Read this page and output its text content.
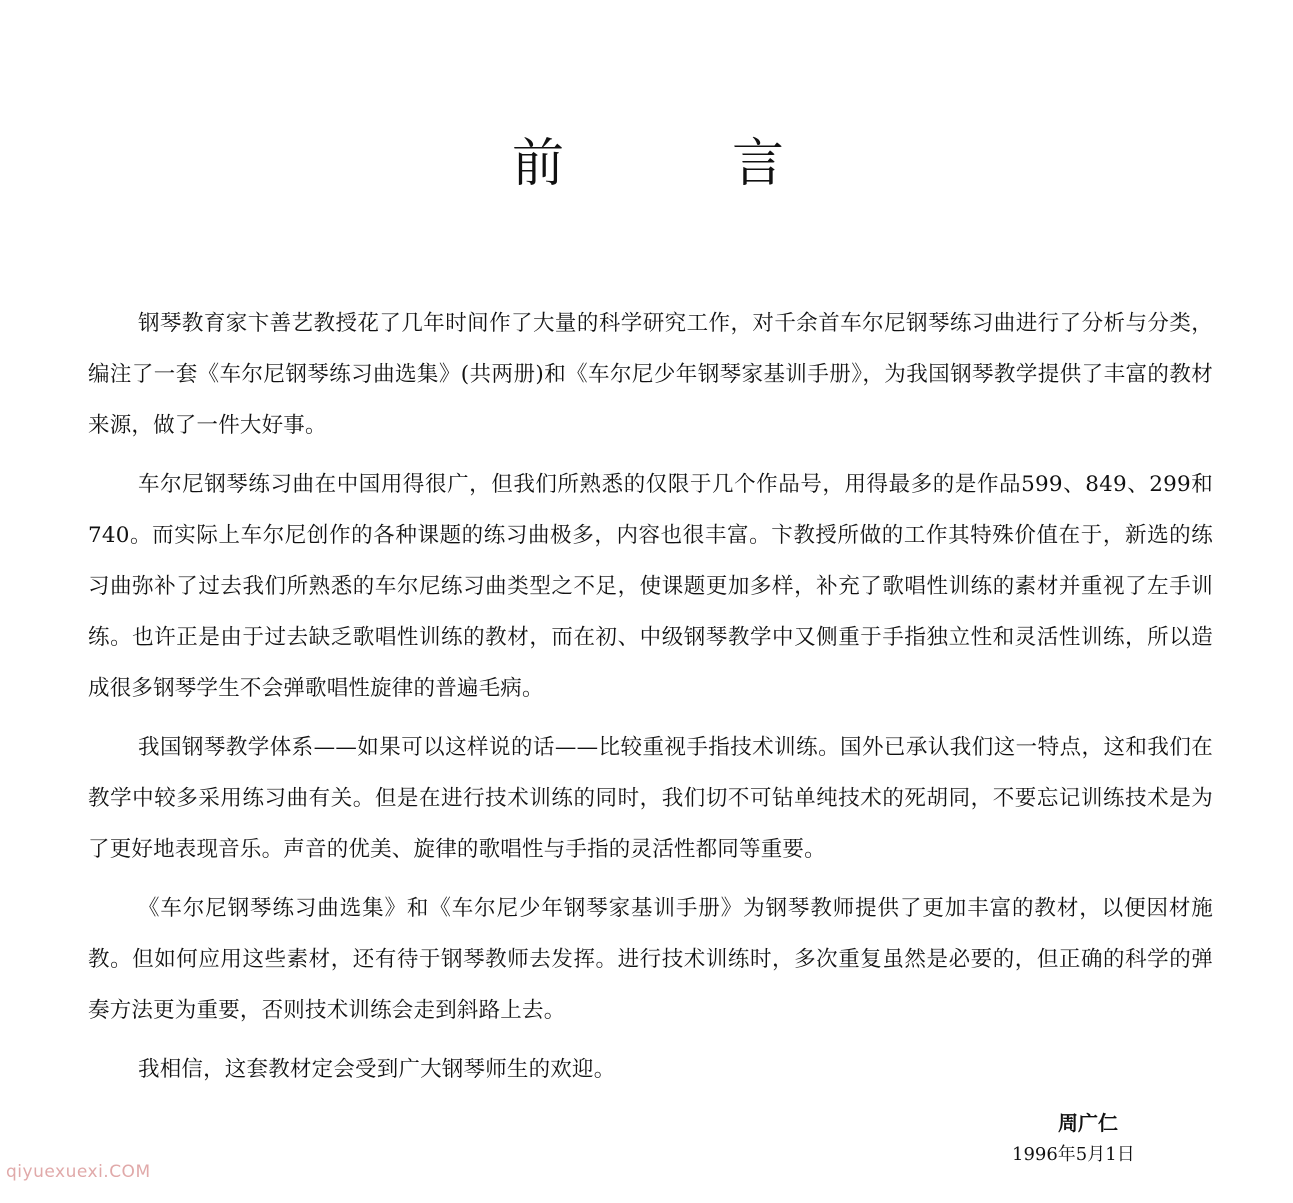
前	言

钢琴教育家卞善艺教授花了几年时间作了大量的科学研究工作，对千余首车尔尼钢琴练习曲进行了分析与分类，编注了一套《车尔尼钢琴练习曲选集》(共两册)和《车尔尼少年钢琴家基训手册》，为我国钢琴教学提供了丰富的教材来源，做了一件大好事。

车尔尼钢琴练习曲在中国用得很广，但我们所熟悉的仅限于几个作品号，用得最多的是作品599、849、299和740。而实际上车尔尼创作的各种课题的练习曲极多，内容也很丰富。卞教授所做的工作其特殊价值在于，新选的练习曲弥补了过去我们所熟悉的车尔尼练习曲类型之不足，使课题更加多样，补充了歌唱性训练的素材并重视了左手训练。也许正是由于过去缺乏歌唱性训练的教材，而在初、中级钢琴教学中又侧重于手指独立性和灵活性训练，所以造成很多钢琴学生不会弹歌唱性旋律的普遍毛病。

我国钢琴教学体系——如果可以这样说的话——比较重视手指技术训练。国外已承认我们这一特点，这和我们在教学中较多采用练习曲有关。但是在进行技术训练的同时，我们切不可钻单纯技术的死胡同，不要忘记训练技术是为了更好地表现音乐。声音的优美、旋律的歌唱性与手指的灵活性都同等重要。

《车尔尼钢琴练习曲选集》和《车尔尼少年钢琴家基训手册》为钢琴教师提供了更加丰富的教材，以便因材施教。但如何应用这些素材，还有待于钢琴教师去发挥。进行技术训练时，多次重复虽然是必要的，但正确的科学的弹奏方法更为重要，否则技术训练会走到斜路上去。

我相信，这套教材定会受到广大钢琴师生的欢迎。

周广仁
1996年5月1日
qiyuexuexi.COM
